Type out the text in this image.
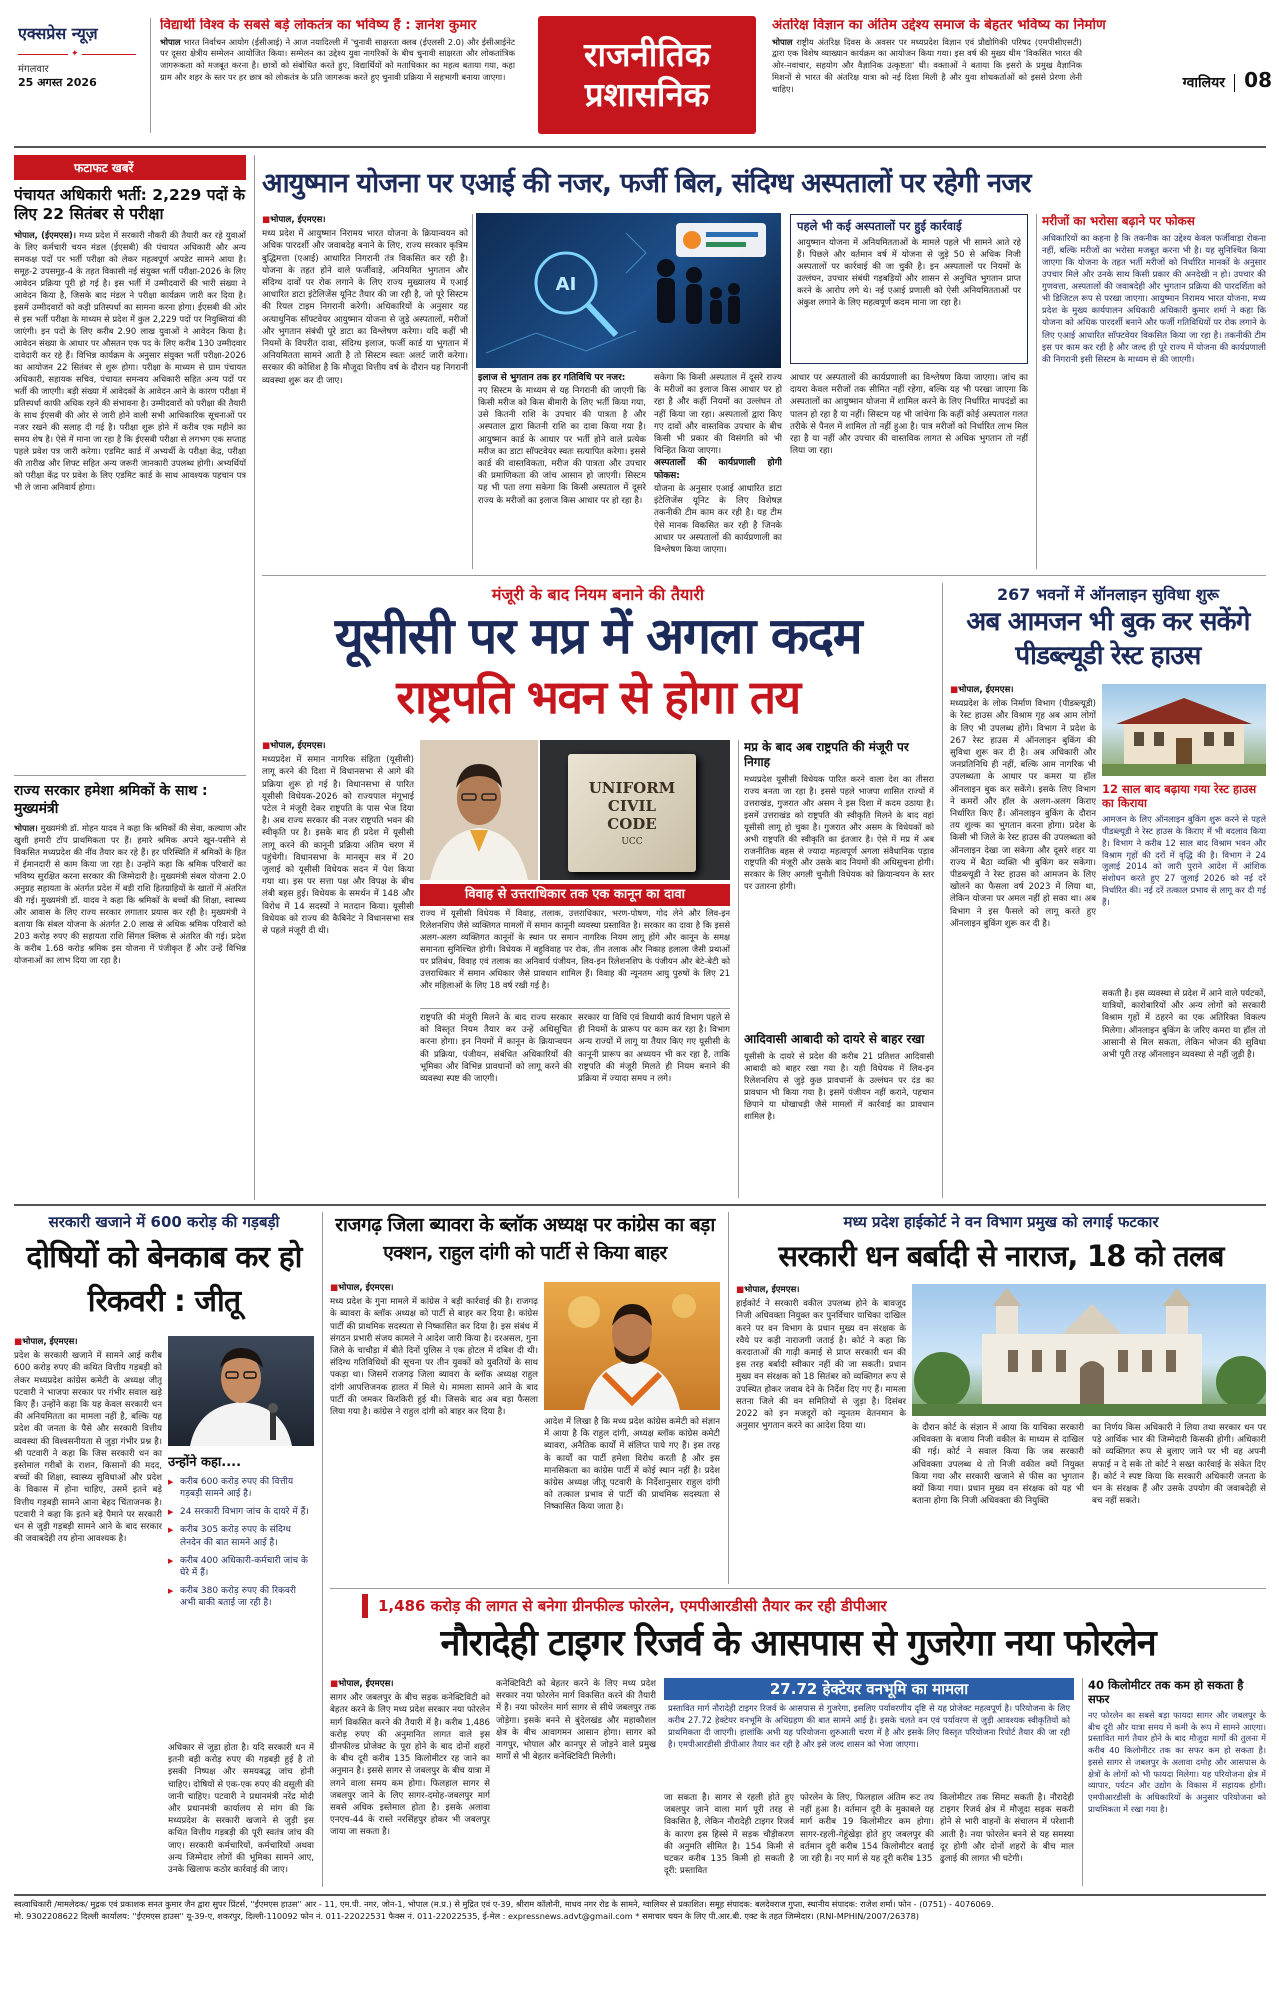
एक्सप्रेस न्यूज़
✦
मंगलवार
25 अगस्त 2026
विद्यार्थी विश्व के सबसे बड़े लोकतंत्र का भविष्य हैं : ज्ञानेश कुमार
भोपाल भारत निर्वाचन आयोग (ईसीआई) ने आज नयादिल्ली में 'चुनावी साक्षरता क्लब (ईएलसी 2.0) और ईसीआईनेट पर दूसरा क्षेत्रीय सम्मेलन आयोजित किया। सम्मेलन का उद्देश्य युवा नागरिकों के बीच चुनावी साक्षरता और लोकतांत्रिक जागरूकता को मजबूत करना है। छात्रों को संबोधित करते हुए, विद्यार्थियों को मताधिकार का महत्व बताया गया, कहा ग्राम और शहर के स्तर पर हर छात्र को लोकतंत्र के प्रति जागरूक करते हुए चुनावी प्रक्रिया में सहभागी बनाया जाएगा।
राजनीतिक
प्रशासनिक
अंतरिक्ष विज्ञान का अंतिम उद्देश्य समाज के बेहतर भविष्य का निर्माण
भोपाल राष्ट्रीय अंतरिक्ष दिवस के अवसर पर मध्यप्रदेश विज्ञान एवं प्रौद्योगिकी परिषद (एमपीसीएसटी) द्वारा एक विशेष व्याख्यान कार्यक्रम का आयोजन किया गया। इस वर्ष की मुख्य थीम 'विकसित भारत की ओर-नवाचार, सहयोग और वैज्ञानिक उत्कृष्टता' थी। वक्ताओं ने बताया कि इसरो के प्रमुख वैज्ञानिक मिशनों से भारत की अंतरिक्ष यात्रा को नई दिशा मिली है और युवा शोधकर्ताओं को इससे प्रेरणा लेनी चाहिए।	ग्वालियर 08
फटाफट खबरें
पंचायत अधिकारी भर्ती: 2,229 पदों के लिए 22 सितंबर से परीक्षा
भोपाल, (ईएमएस)। मध्य प्रदेश में सरकारी नौकरी की तैयारी कर रहे युवाओं के लिए कर्मचारी चयन मंडल (ईएसबी) की पंचायत अधिकारी और अन्य समकक्ष पदों पर भर्ती परीक्षा को लेकर महत्वपूर्ण अपडेट सामने आया है। समूह-2 उपसमूह-4 के तहत विकासी नई संयुक्त भर्ती परीक्षा-2026 के लिए आवेदन प्रक्रिया पूरी हो गई है। इस भर्ती में उम्मीदवारों की भारी संख्या ने आवेदन किया है, जिसके बाद मंडल ने परीक्षा कार्यक्रम जारी कर दिया है। इसमें उम्मीदवारों को कड़ी प्रतिस्पर्धा का सामना करना होगा। ईएसबी की ओर से इस भर्ती परीक्षा के माध्यम से प्रदेश में कुल 2,229 पदों पर नियुक्तियां की जाएंगी। इन पदों के लिए करीब 2.90 लाख युवाओं ने आवेदन किया है। आवेदन संख्या के आधार पर औसतन एक पद के लिए करीब 130 उम्मीदवार दावेदारी कर रहे हैं। विभिन्न कार्यक्रम के अनुसार संयुक्त भर्ती परीक्षा-2026 का आयोजन 22 सितंबर से शुरू होगा। परीक्षा के माध्यम से ग्राम पंचायत अधिकारी, सहायक सचिव, पंचायत समन्वय अधिकारी सहित अन्य पदों पर भर्ती की जाएगी। बड़ी संख्या में आवेदकों के आवेदन आने के कारण परीक्षा में प्रतिस्पर्धा काफी अधिक रहने की संभावना है। उम्मीदवारों को परीक्षा की तैयारी के साथ ईएसबी की ओर से जारी होने वाली सभी आधिकारिक सूचनाओं पर नजर रखने की सलाह दी गई है। परीक्षा शुरू होने में करीब एक महीने का समय शेष है। ऐसे में माना जा रहा है कि ईएसबी परीक्षा से लगभग एक सप्ताह पहले प्रवेश पत्र जारी करेगा। एडमिट कार्ड में अभ्यर्थी के परीक्षा केंद्र, परीक्षा की तारीख और शिफ्ट सहित अन्य जरूरी जानकारी उपलब्ध होगी। अभ्यर्थियों को परीक्षा केंद्र पर प्रवेश के लिए एडमिट कार्ड के साथ आवश्यक पहचान पत्र भी ले जाना अनिवार्य होगा।
राज्य सरकार हमेशा श्रमिकों के साथ : मुख्यमंत्री
भोपाल। मुख्यमंत्री डॉ. मोहन यादव ने कहा कि श्रमिकों की सेवा, कल्याण और खुशी हमारी टॉप प्राथमिकता पर हैं। हमारे श्रमिक अपने खून-पसीने से विकसित मध्यप्रदेश की नींव तैयार कर रहे हैं। हर परिस्थिति में श्रमिकों के हित में ईमानदारी से काम किया जा रहा है। उन्होंने कहा कि श्रमिक परिवारों का भविष्य सुरक्षित करना सरकार की जिम्मेदारी है। मुख्यमंत्री संबल योजना 2.0 अनुग्रह सहायता के अंतर्गत प्रदेश में बड़ी राशि हितग्राहियों के खातों में अंतरित की गई। मुख्यमंत्री डॉ. यादव ने कहा कि श्रमिकों के बच्चों की शिक्षा, स्वास्थ्य और आवास के लिए राज्य सरकार लगातार प्रयास कर रही है। मुख्यमंत्री ने बताया कि संबल योजना के अंतर्गत 2.0 लाख से अधिक श्रमिक परिवारों को 203 करोड़ रुपए की सहायता राशि सिंगल क्लिक से अंतरित की गई। प्रदेश के करीब 1.68 करोड़ श्रमिक इस योजना में पंजीकृत हैं और उन्हें विभिन्न योजनाओं का लाभ दिया जा रहा है।
आयुष्मान योजना पर एआई की नजर, फर्जी बिल, संदिग्ध अस्पतालों पर रहेगी नजर
AI
■ भोपाल, ईएमएस।
मध्य प्रदेश में आयुष्मान निरामय भारत योजना के क्रियान्वयन को अधिक पारदर्शी और जवाबदेह बनाने के लिए, राज्य सरकार कृत्रिम बुद्धिमत्ता (एआई) आधारित निगरानी तंत्र विकसित कर रही है। योजना के तहत होने वाले फर्जीवाड़े, अनियमित भुगतान और संदिग्ध दावों पर रोक लगाने के लिए राज्य मुख्यालय में एआई आधारित डाटा इंटेलिजेंस यूनिट तैयार की जा रही है, जो पूरे सिस्टम की रियल टाइम निगरानी करेगी। अधिकारियों के अनुसार यह अत्याधुनिक सॉफ्टवेयर आयुष्मान योजना से जुड़े अस्पतालों, मरीजों और भुगतान संबंधी पूरे डाटा का विश्लेषण करेगा। यदि कहीं भी नियमों के विपरीत दावा, संदिग्ध इलाज, फर्जी कार्ड या भुगतान में अनियमितता सामने आती है तो सिस्टम स्वतः अलर्ट जारी करेगा। सरकार की कोशिश है कि मौजूदा वित्तीय वर्ष के दौरान यह निगरानी व्यवस्था शुरू कर दी जाए।	इलाज से भुगतान तक हर गतिविधि पर नजर:
नए सिस्टम के माध्यम से यह निगरानी की जाएगी कि किसी मरीज को किस बीमारी के लिए भर्ती किया गया, उसे कितनी राशि के उपचार की पात्रता है और अस्पताल द्वारा कितनी राशि का दावा किया गया है। आयुष्मान कार्ड के आधार पर भर्ती होने वाले प्रत्येक मरीज का डाटा सॉफ्टवेयर स्वतः सत्यापित करेगा। इससे कार्ड की वास्तविकता, मरीज की पात्रता और उपचार की प्रमाणिकता की जांच आसान हो जाएगी। सिस्टम यह भी पता लगा सकेगा कि किसी अस्पताल में दूसरे राज्य के मरीजों का इलाज किस आधार पर हो रहा है।
सकेगा कि किसी अस्पताल में दूसरे राज्य के मरीजों का इलाज किस आधार पर हो रहा है और कहीं नियमों का उल्लंघन तो नहीं किया जा रहा। अस्पतालों द्वारा किए गए दावों और वास्तविक उपचार के बीच किसी भी प्रकार की विसंगति को भी चिन्हित किया जाएगा।
अस्पतालों की कार्यप्रणाली होगी फोकस:
योजना के अनुसार एआई आधारित डाटा इंटेलिजेंस यूनिट के लिए विशेषज्ञ तकनीकी टीम काम कर रही है। यह टीम ऐसे मानक विकसित कर रही है जिनके आधार पर अस्पतालों की कार्यप्रणाली का विश्लेषण किया जाएगा।
पहले भी कई अस्पतालों पर हुई कार्रवाई
आयुष्मान योजना में अनियमितताओं के मामले पहले भी सामने आते रहे हैं। पिछले और वर्तमान वर्ष में योजना से जुड़े 50 से अधिक निजी अस्पतालों पर कार्रवाई की जा चुकी है। इन अस्पतालों पर नियमों के उल्लंघन, उपचार संबंधी गड़बड़ियों और शासन से अनुचित भुगतान प्राप्त करने के आरोप लगे थे। नई एआई प्रणाली को ऐसी अनियमितताओं पर अंकुश लगाने के लिए महत्वपूर्ण कदम माना जा रहा है।
आधार पर अस्पतालों की कार्यप्रणाली का विश्लेषण किया जाएगा। जांच का दायरा केवल मरीजों तक सीमित नहीं रहेगा, बल्कि यह भी परखा जाएगा कि अस्पतालों का आयुष्मान योजना में शामिल करने के लिए निर्धारित मापदंडों का पालन हो रहा है या नहीं। सिस्टम यह भी जांचेगा कि कहीं कोई अस्पताल गलत तरीके से पैनल में शामिल तो नहीं हुआ है। पात्र मरीजों को निर्धारित लाभ मिल रहा है या नहीं और उपचार की वास्तविक लागत से अधिक भुगतान तो नहीं लिया जा रहा।
मरीजों का भरोसा बढ़ाने पर फोकस
अधिकारियों का कहना है कि तकनीक का उद्देश्य केवल फर्जीवाड़ा रोकना नहीं, बल्कि मरीजों का भरोसा मजबूत करना भी है। यह सुनिश्चित किया जाएगा कि योजना के तहत भर्ती मरीजों को निर्धारित मानकों के अनुसार उपचार मिले और उनके साथ किसी प्रकार की अनदेखी न हो। उपचार की गुणवत्ता, अस्पतालों की जवाबदेही और भुगतान प्रक्रिया की पारदर्शिता को भी डिजिटल रूप से परखा जाएगा। आयुष्मान निरामय भारत योजना, मध्य प्रदेश के मुख्य कार्यपालन अधिकारी अधिकारी कुमार शर्मा ने कहा कि योजना को अधिक पारदर्शी बनाने और फर्जी गतिविधियों पर रोक लगाने के लिए एआई आधारित सॉफ्टवेयर विकसित किया जा रहा है। तकनीकी टीम इस पर काम कर रही है और जल्द ही पूरे राज्य में योजना की कार्यप्रणाली की निगरानी इसी सिस्टम के माध्यम से की जाएगी।
मंजूरी के बाद नियम बनाने की तैयारी
यूसीसी पर मप्र में अगला कदम
राष्ट्रपति भवन से होगा तय
■ भोपाल, ईएमएस।
मध्यप्रदेश में समान नागरिक संहिता (यूसीसी) लागू करने की दिशा में विधानसभा से आगे की प्रक्रिया शुरू हो गई है। विधानसभा से पारित यूसीसी विधेयक-2026 को राज्यपाल मंगूभाई पटेल ने मंजूरी देकर राष्ट्रपति के पास भेज दिया है। अब राज्य सरकार की नजर राष्ट्रपति भवन की स्वीकृति पर है। इसके बाद ही प्रदेश में यूसीसी लागू करने की कानूनी प्रक्रिया अंतिम चरण में पहुंचेगी। विधानसभा के मानसून सत्र में 20 जुलाई को यूसीसी विधेयक सदन में पेश किया गया था। इस पर सत्ता पक्ष और विपक्ष के बीच लंबी बहस हुई। विधेयक के समर्थन में 148 और विरोध में 14 सदस्यों ने मतदान किया। यूसीसी विधेयक को राज्य की कैबिनेट ने विधानसभा सत्र से पहले मंजूरी दी थी।
UNIFORM
CIVIL
CODE
UCC
विवाह से उत्तराधिकार तक एक कानून का दावा
राज्य में यूसीसी विधेयक में विवाह, तलाक, उत्तराधिकार, भरण-पोषण, गोद लेने और लिव-इन रिलेशनशिप जैसे व्यक्तिगत मामलों में समान कानूनी व्यवस्था प्रस्तावित है। सरकार का दावा है कि इससे अलग-अलग व्यक्तिगत कानूनों के स्थान पर समान नागरिक नियम लागू होंगे और कानून के समक्ष समानता सुनिश्चित होगी। विधेयक में बहुविवाह पर रोक, तीन तलाक और निकाह हलाला जैसी प्रथाओं पर प्रतिबंध, विवाह एवं तलाक का अनिवार्य पंजीयन, लिव-इन रिलेशनशिप के पंजीयन और बेटे-बेटी को उत्तराधिकार में समान अधिकार जैसे प्रावधान शामिल हैं। विवाह की न्यूनतम आयु पुरुषों के लिए 21 और महिलाओं के लिए 18 वर्ष रखी गई है।
राष्ट्रपति की मंजूरी मिलने के बाद राज्य सरकार को विस्तृत नियम तैयार कर उन्हें अधिसूचित करना होगा। इन नियमों में कानून के क्रियान्वयन की प्रक्रिया, पंजीयन, संबंधित अधिकारियों की भूमिका और विभिन्न प्रावधानों को लागू करने की व्यवस्था स्पष्ट की जाएगी।
सरकार या विधि एवं विधायी कार्य विभाग पहले से ही नियमों के प्रारूप पर काम कर रहा है। विभाग अन्य राज्यों में लागू या तैयार किए गए यूसीसी के कानूनी प्रारूप का अध्ययन भी कर रहा है, ताकि राष्ट्रपति की मंजूरी मिलते ही नियम बनाने की प्रक्रिया में ज्यादा समय न लगे।
मप्र के बाद अब राष्ट्रपति की मंजूरी पर निगाह
मध्यप्रदेश यूसीसी विधेयक पारित करने वाला देश का तीसरा राज्य बनता जा रहा है। इससे पहले भाजपा शासित राज्यों में उत्तराखंड, गुजरात और असम ने इस दिशा में कदम उठाया है। इसमें उत्तराखंड को राष्ट्रपति की स्वीकृति मिलने के बाद वहां यूसीसी लागू हो चुका है। गुजरात और असम के विधेयकों को अभी राष्ट्रपति की स्वीकृति का इंतजार है। ऐसे में मप्र में अब राजनीतिक बहस से ज्यादा महत्वपूर्ण अगला संवैधानिक पड़ाव राष्ट्रपति की मंजूरी और उसके बाद नियमों की अधिसूचना होगी। सरकार के लिए अगली चुनौती विधेयक को क्रियान्वयन के स्तर पर उतारना होगी।
आदिवासी आबादी को दायरे से बाहर रखा
यूसीसी के दायरे से प्रदेश की करीब 21 प्रतिशत आदिवासी आबादी को बाहर रखा गया है। यही विधेयक में लिव-इन रिलेशनशिप से जुड़े कुछ प्रावधानों के उल्लंघन पर दंड का प्रावधान भी किया गया है। इसमें पंजीयन नहीं कराने, पहचान छिपाने या धोखाधड़ी जैसे मामलों में कार्रवाई का प्रावधान शामिल है।
267 भवनों में ऑनलाइन सुविधा शुरू
अब आमजन भी बुक कर सकेंगे पीडब्ल्यूडी रेस्ट हाउस
■ भोपाल, ईएमएस।
मध्यप्रदेश के लोक निर्माण विभाग (पीडब्ल्यूडी) के रेस्ट हाउस और विश्राम गृह अब आम लोगों के लिए भी उपलब्ध होंगे। विभाग ने प्रदेश के 267 रेस्ट हाउस में ऑनलाइन बुकिंग की सुविधा शुरू कर दी है। अब अधिकारी और जनप्रतिनिधि ही नहीं, बल्कि आम नागरिक भी उपलब्धता के आधार पर कमरा या हॉल ऑनलाइन बुक कर सकेंगे। इसके लिए विभाग ने कमरों और हॉल के अलग-अलग किराए निर्धारित किए हैं। ऑनलाइन बुकिंग के दौरान तय शुल्क का भुगतान करना होगा। प्रदेश के किसी भी जिले के रेस्ट हाउस की उपलब्धता को ऑनलाइन देखा जा सकेगा और दूसरे शहर या राज्य में बैठा व्यक्ति भी बुकिंग कर सकेगा। पीडब्ल्यूडी ने रेस्ट हाउस को आमजन के लिए खोलने का फैसला वर्ष 2023 में लिया था, लेकिन योजना पर अमल नहीं हो सका था। अब विभाग ने इस फैसले को लागू करते हुए ऑनलाइन बुकिंग शुरू कर दी है।
12 साल बाद बढ़ाया गया रेस्ट हाउस का किराया
आमजन के लिए ऑनलाइन बुकिंग शुरू करने से पहले पीडब्ल्यूडी ने रेस्ट हाउस के किराए में भी बदलाव किया है। विभाग ने करीब 12 साल बाद विश्राम भवन और विश्राम गृहों की दरों में वृद्धि की है। विभाग ने 24 जुलाई 2014 को जारी पुराने आदेश में आंशिक संशोधन करते हुए 27 जुलाई 2026 को नई दरें निर्धारित की। नई दरें तत्काल प्रभाव से लागू कर दी गई हैं।
सकती है। इस व्यवस्था से प्रदेश में आने वाले पर्यटकों, यात्रियों, कारोबारियों और अन्य लोगों को सरकारी विश्राम गृहों में ठहरने का एक अतिरिक्त विकल्प मिलेगा। ऑनलाइन बुकिंग के जरिए कमरा या हॉल तो आसानी से मिल सकता, लेकिन भोजन की सुविधा अभी पूरी तरह ऑनलाइन व्यवस्था से नहीं जुड़ी है।
सरकारी खजाने में 600 करोड़ की गड़बड़ी
दोषियों को बेनकाब कर हो रिकवरी : जीतू
■ भोपाल, ईएमएस।
प्रदेश के सरकारी खजाने में सामने आई करीब 600 करोड़ रुपए की कथित वित्तीय गड़बड़ी को लेकर मध्यप्रदेश कांग्रेस कमेटी के अध्यक्ष जीतू पटवारी ने भाजपा सरकार पर गंभीर सवाल खड़े किए हैं। उन्होंने कहा कि यह केवल सरकारी धन की अनियमितता का मामला नहीं है, बल्कि यह प्रदेश की जनता के पैसे और सरकारी वित्तीय व्यवस्था की विश्वसनीयता से जुड़ा गंभीर प्रश्न है। श्री पटवारी ने कहा कि जिस सरकारी धन का इस्तेमाल गरीबों के राशन, किसानों की मदद, बच्चों की शिक्षा, स्वास्थ्य सुविधाओं और प्रदेश के विकास में होना चाहिए, उसमें इतने बड़े वित्तीय गड़बड़ी सामने आना बेहद चिंताजनक है। पटवारी ने कहा कि इतने बड़े पैमाने पर सरकारी धन से जुड़ी गड़बड़ी सामने आने के बाद सरकार की जवाबदेही तय होना आवश्यक है।
उन्होंने कहा....
▶ करीब 600 करोड़ रुपए की वित्तीय गड़बड़ी सामने आई है।
▶ 24 सरकारी विभाग जांच के दायरे में हैं।
▶ करीब 305 करोड़ रुपए के संदिग्ध लेनदेन की बात सामने आई है।
▶ करीब 400 अधिकारी-कर्मचारी जांच के घेरे में हैं।
▶ करीब 380 करोड़ रुपए की रिकवरी अभी बाकी बताई जा रही है।
अधिकार से जुड़ा होता है। यदि सरकारी धन में इतनी बड़ी करोड़ रुपए की गड़बड़ी हुई है तो इसकी निष्पक्ष और समयबद्ध जांच होनी चाहिए। दोषियों से एक-एक रुपए की वसूली की जानी चाहिए। पटवारी ने प्रधानमंत्री नरेंद्र मोदी और प्रधानमंत्री कार्यालय से मांग की कि मध्यप्रदेश के सरकारी खजाने से जुड़ी इस कथित वित्तीय गड़बड़ी की पूरी स्वतंत्र जांच की जाए। सरकारी कर्मचारियों, कर्मचारियों अथवा अन्य जिम्मेदार लोगों की भूमिका सामने आए, उनके खिलाफ कठोर कार्रवाई की जाए।
राजगढ़ जिला ब्यावरा के ब्लॉक अध्यक्ष पर कांग्रेस का बड़ा एक्शन, राहुल दांगी को पार्टी से किया बाहर
■ भोपाल, ईएमएस।
मध्य प्रदेश के गुना मामले में कांग्रेस ने बड़ी कार्रवाई की है। राजगढ़ के ब्यावरा के ब्लॉक अध्यक्ष को पार्टी से बाहर कर दिया है। कांग्रेस पार्टी की प्राथमिक सदस्यता से निष्कासित कर दिया है। इस संबंध में संगठन प्रभारी संजय कामले ने आदेश जारी किया है। दरअसल, गुना जिले के चाचौड़ा में बीते दिनों पुलिस ने एक होटल में दबिश दी थी। संदिग्ध गतिविधियों की सूचना पर तीन युवकों को युवतियों के साथ पकड़ा था। जिसमें राजगढ़ जिला ब्यावरा के ब्लॉक अध्यक्ष राहुल दांगी आपत्तिजनक हालत में मिले थे। मामला सामने आने के बाद पार्टी की जमकर किरकिरी हुई थी। जिसके बाद अब बड़ा फैसला लिया गया है। कांग्रेस ने राहुल दांगी को बाहर कर दिया है।
आदेश में लिखा है कि मध्य प्रदेश कांग्रेस कमेटी को संज्ञान में आया है कि राहुल दांगी, अध्यक्ष ब्लॉक कांग्रेस कमेटी ब्यावरा, अनैतिक कार्यों में संलिप्त पाये गए हैं। इस तरह के कार्यों का पार्टी हमेशा विरोध करती है और इस मानसिकता का कांग्रेस पार्टी में कोई स्थान नहीं है। प्रदेश कांग्रेस अध्यक्ष जीतू पटवारी के निर्देशानुसार राहुल दांगी को तत्काल प्रभाव से पार्टी की प्राथमिक सदस्यता से निष्कासित किया जाता है।
मध्य प्रदेश हाईकोर्ट ने वन विभाग प्रमुख को लगाई फटकार
सरकारी धन बर्बादी से नाराज, 18 को तलब
■ भोपाल, ईएमएस।
हाईकोर्ट ने सरकारी वकील उपलब्ध होने के बावजूद निजी अधिवक्ता नियुक्त कर पुनर्विचार याचिका दाखिल करने पर वन विभाग के प्रधान मुख्य वन संरक्षक के रवैये पर कड़ी नाराजगी जताई है। कोर्ट ने कहा कि करदाताओं की गाढ़ी कमाई से प्राप्त सरकारी धन की इस तरह बर्बादी स्वीकार नहीं की जा सकती। प्रधान मुख्य वन संरक्षक को 18 सितंबर को व्यक्तिगत रूप से उपस्थित होकर जवाब देने के निर्देश दिए गए हैं। मामला सतना जिले की वन समितियों से जुड़ा है। दिसंबर 2022 को इन मजदूरों को न्यूनतम वेतनमान के अनुसार भुगतान करने का आदेश दिया था।	के दौरान कोर्ट के संज्ञान में आया कि याचिका सरकारी अधिवक्ता के बजाय निजी वकील के माध्यम से दाखिल की गई। कोर्ट ने सवाल किया कि जब सरकारी अधिवक्ता उपलब्ध थे तो निजी वकील क्यों नियुक्त किया गया और सरकारी खजाने से फीस का भुगतान क्यों किया गया। प्रधान मुख्य वन संरक्षक को यह भी बताना होगा कि निजी अधिवक्ता की नियुक्ति
का निर्णय किस अधिकारी ने लिया तथा सरकार धन पर पड़े आर्थिक भार की जिम्मेदारी किसकी होगी। अधिकारी को व्यक्तिगत रूप से बुलाए जाने पर भी वह अपनी सफाई न दे सके तो कोर्ट ने सख्त कार्रवाई के संकेत दिए हैं। कोर्ट ने स्पष्ट किया कि सरकारी अधिकारी जनता के धन के संरक्षक हैं और उसके उपयोग की जवाबदेही से बच नहीं सकते।
1,486 करोड़ की लागत से बनेगा ग्रीनफील्ड फोरलेन, एमपीआरडीसी तैयार कर रही डीपीआर
नौरादेही टाइगर रिजर्व के आसपास से गुजरेगा नया फोरलेन
■ भोपाल, ईएमएस।
सागर और जबलपुर के बीच सड़क कनेक्टिविटी को बेहतर करने के लिए मध्य प्रदेश सरकार नया फोरलेन मार्ग विकसित करने की तैयारी में है। करीब 1,486 करोड़ रुपए की अनुमानित लागत वाले इस ग्रीनफील्ड प्रोजेक्ट के पूरा होने के बाद दोनों शहरों के बीच दूरी करीब 135 किलोमीटर रह जाने का अनुमान है। इससे सागर से जबलपुर के बीच यात्रा में लगने वाला समय कम होगा। फिलहाल सागर से जबलपुर जाने के लिए सागर-दमोह-जबलपुर मार्ग सबसे अधिक इस्तेमाल होता है। इसके अलावा एनएच-44 के रास्ते नरसिंहपुर होकर भी जबलपुर जाया जा सकता है।
कनेक्टिविटी को बेहतर करने के लिए मध्य प्रदेश सरकार नया फोरलेन मार्ग विकसित करने की तैयारी में है। नया फोरलेन मार्ग सागर से सीधे जबलपुर तक जोड़ेगा। इसके बनने से बुंदेलखंड और महाकौशल क्षेत्र के बीच आवागमन आसान होगा। सागर को नागपुर, भोपाल और कानपुर से जोड़ने वाले प्रमुख मार्गों से भी बेहतर कनेक्टिविटी मिलेगी।
27.72 हेक्टेयर वनभूमि का मामला
प्रस्तावित मार्ग नौरादेही टाइगर रिजर्व के आसपास से गुजरेगा, इसलिए पर्यावरणीय दृष्टि से यह प्रोजेक्ट महत्वपूर्ण है। परियोजना के लिए करीब 27.72 हेक्टेयर वनभूमि के अधिग्रहण की बात सामने आई है। इसके चलते वन एवं पर्यावरण से जुड़ी आवश्यक स्वीकृतियों को प्राथमिकता दी जाएगी। हालांकि अभी यह परियोजना शुरुआती चरण में है और इसके लिए विस्तृत परियोजना रिपोर्ट तैयार की जा रही है। एमपीआरडीसी डीपीआर तैयार कर रही है और इसे जल्द शासन को भेजा जाएगा।
जा सकता है। सागर से रहली होते हुए जबलपुर जाने वाला मार्ग पूरी तरह से विकसित है, लेकिन नौरादेही टाइगर रिजर्व के कारण इस हिस्से में सड़क चौड़ीकरण की अनुमति सीमित है। 154 किमी से घटकर करीब 135 किमी हो सकती है दूरी: प्रस्तावित
फोरलेन के लिए, फिलहाल अंतिम रूट तय नहीं हुआ है। वर्तमान दूरी के मुकाबले यह मार्ग करीब 19 किलोमीटर कम होगा। सागर-रहली-गेहूंखेड़ा होते हुए जबलपुर की वर्तमान दूरी करीब 154 किलोमीटर बताई जा रही है। नए मार्ग से यह दूरी करीब 135
किलोमीटर तक सिमट सकती है। नौरादेही टाइगर रिजर्व क्षेत्र में मौजूदा सड़क सकरी होने से भारी वाहनों के संचालन में परेशानी आती है। नया फोरलेन बनने से यह समस्या दूर होगी और दोनों शहरों के बीच माल ढुलाई की लागत भी घटेगी।
40 किलोमीटर तक कम हो सकता है सफर
नए फोरलेन का सबसे बड़ा फायदा सागर और जबलपुर के बीच दूरी और यात्रा समय में कमी के रूप में सामने आएगा। प्रस्तावित मार्ग तैयार होने के बाद मौजूदा मार्गों की तुलना में करीब 40 किलोमीटर तक का सफर कम हो सकता है। इससे सागर से जबलपुर के अलावा दमोह और आसपास के क्षेत्रों के लोगों को भी फायदा मिलेगा। यह परियोजना क्षेत्र में व्यापार, पर्यटन और उद्योग के विकास में सहायक होगी। एमपीआरडीसी के अधिकारियों के अनुसार परियोजना को प्राथमिकता में रखा गया है।
स्वत्वाधिकारी /मामलेदक/ मुद्रक एवं प्रकाशक सनत कुमार जैन द्वारा सुपर प्रिंटर्स, ''ईएमएस हाउस'' आर - 11, एम.पी. नगर, जोन-1, भोपाल (म.प्र.) से मुद्रित एवं ए-39, श्रीराम कॉलोनी, माधव नगर रोड के सामने, ग्वालियर से प्रकाशित। समूह संपादक: बलदेवराज गुप्ता, स्थानीय संपादक: राजेश शर्मा। फोन - (0751) - 4076069.
मो. 9302208622 दिल्ली कार्यालय: ''ईएमएस हाउस'' यू-39-ए, शकरपुर, दिल्ली-110092 फोन नं. 011-22022531 फैक्स नं. 011-22022535, ई-मेल : expressnews.advt@gmail.com * समाचार चयन के लिए पी.आर.बी. एक्ट के तहत जिम्मेदार। (RNI-MPHIN/2007/26378)
